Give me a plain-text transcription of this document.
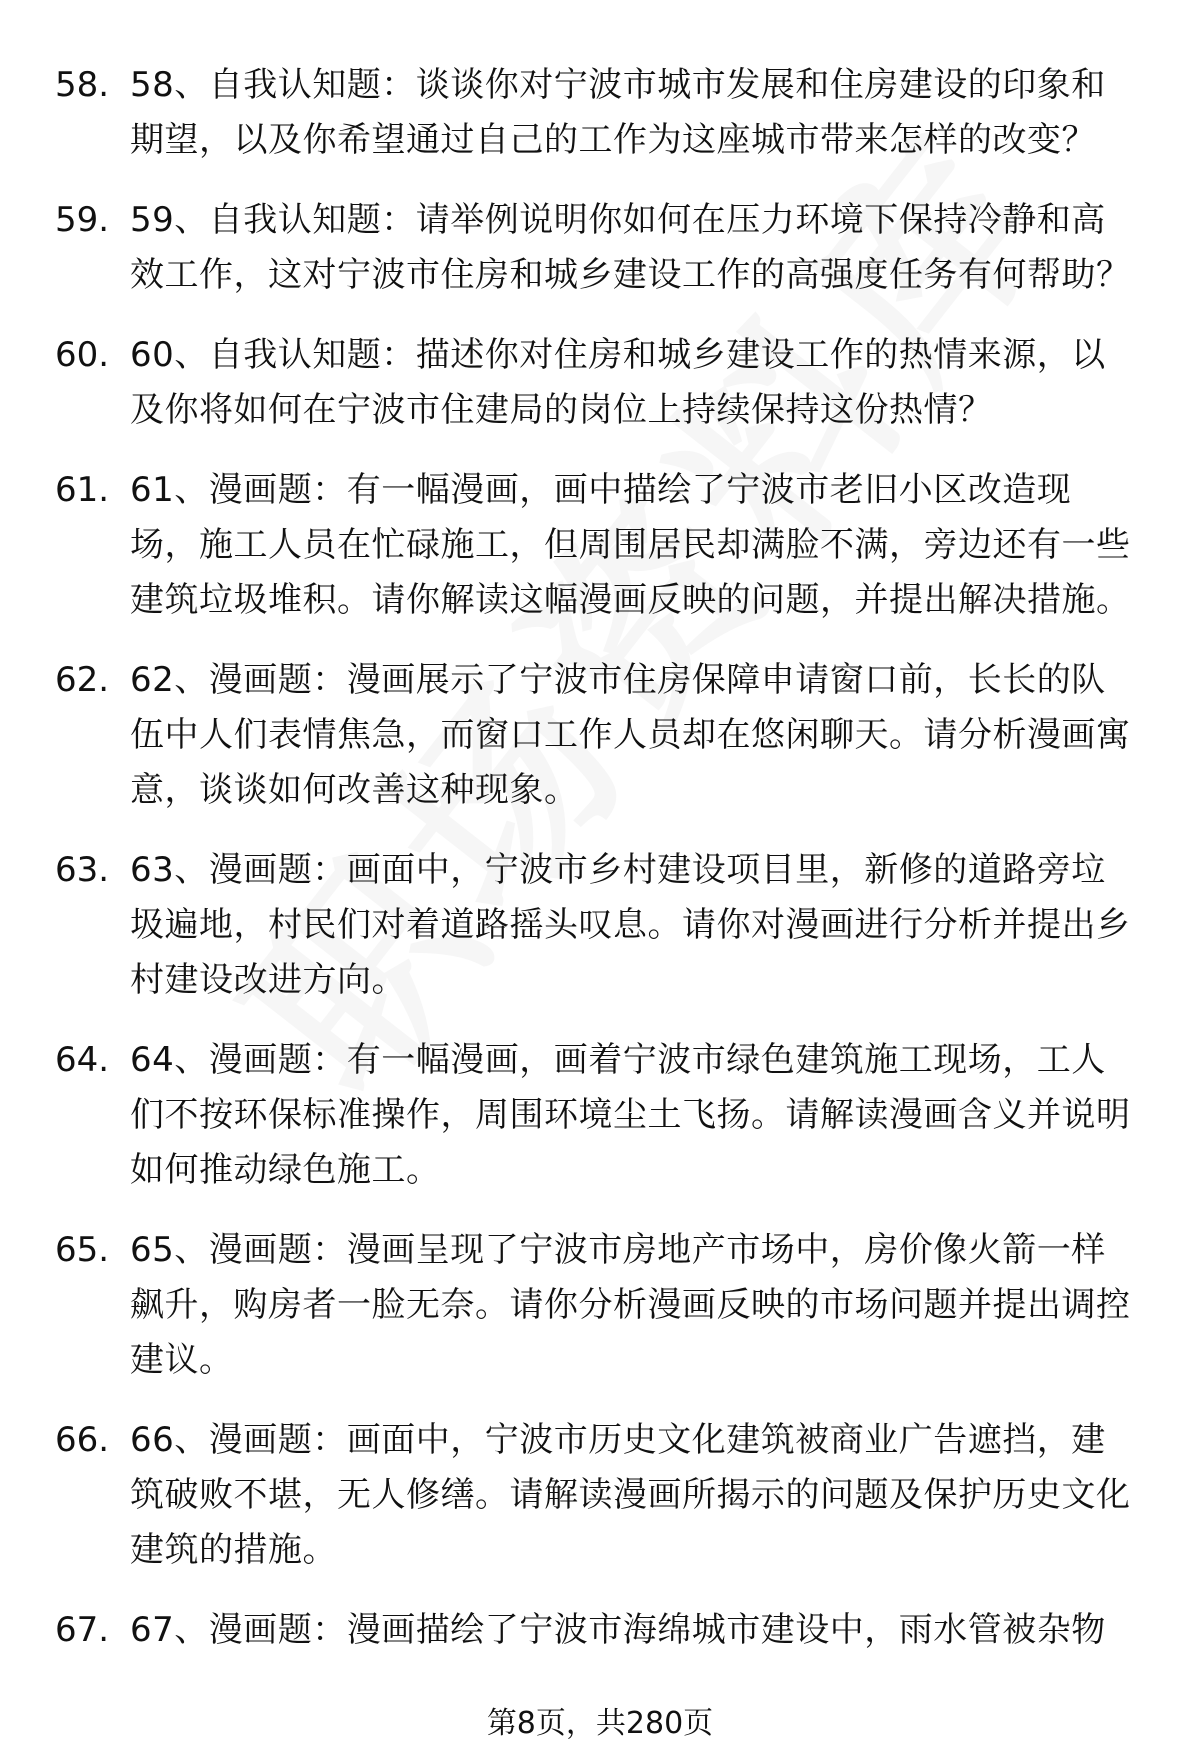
58. 58、自我认知题：谈谈你对宁波市城市发展和住房建设的印象和期望，以及你希望通过自己的工作为这座城市带来怎样的改变？
59. 59、自我认知题：请举例说明你如何在压力环境下保持冷静和高效工作，这对宁波市住房和城乡建设工作的高强度任务有何帮助？
60. 60、自我认知题：描述你对住房和城乡建设工作的热情来源，以及你将如何在宁波市住建局的岗位上持续保持这份热情？
61. 61、漫画题：有一幅漫画，画中描绘了宁波市老旧小区改造现场，施工人员在忙碌施工，但周围居民却满脸不满，旁边还有一些建筑垃圾堆积。请你解读这幅漫画反映的问题，并提出解决措施。
62. 62、漫画题：漫画展示了宁波市住房保障申请窗口前，长长的队伍中人们表情焦急，而窗口工作人员却在悠闲聊天。请分析漫画寓意，谈谈如何改善这种现象。
63. 63、漫画题：画面中，宁波市乡村建设项目里，新修的道路旁垃圾遍地，村民们对着道路摇头叹息。请你对漫画进行分析并提出乡村建设改进方向。
64. 64、漫画题：有一幅漫画，画着宁波市绿色建筑施工现场，工人们不按环保标准操作，周围环境尘土飞扬。请解读漫画含义并说明如何推动绿色施工。
65. 65、漫画题：漫画呈现了宁波市房地产市场中，房价像火箭一样飙升，购房者一脸无奈。请你分析漫画反映的市场问题并提出调控建议。
66. 66、漫画题：画面中，宁波市历史文化建筑被商业广告遮挡，建筑破败不堪，无人修缮。请解读漫画所揭示的问题及保护历史文化建筑的措施。
67. 67、漫画题：漫画描绘了宁波市海绵城市建设中，雨水管被杂物
第8页，共280页
